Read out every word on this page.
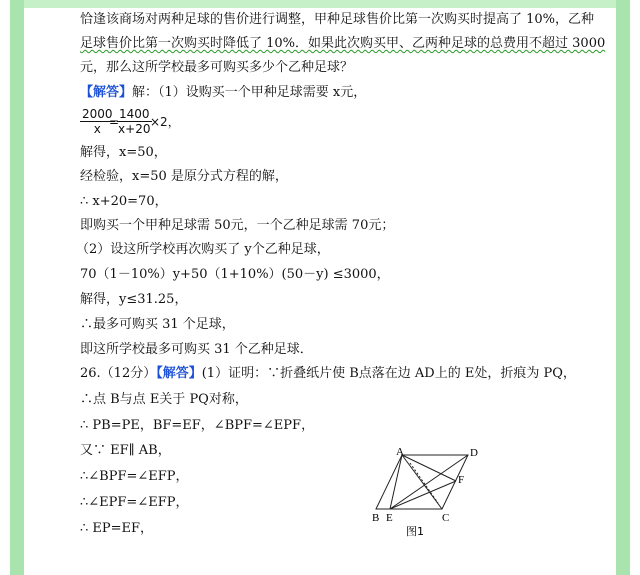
恰逢该商场对两种足球的售价进行调整，甲种足球售价比第一次购买时提高了 10%，乙种
足球售价比第一次购买时降低了 10%．如果此次购买甲、乙两种足球的总费用不超过 3000
元，那么这所学校最多可购买多少个乙种足球？
【解答】解：（1）设购买一个甲种足球需要 x元，
$\frac{2000}{x}$
=
$\frac{1400}{x+20}$
×2，
解得，x=50，
经检验，x=50 是原分式方程的解，
∴ x+20=70，
即购买一个甲种足球需 50元，一个乙种足球需 70元；
（2）设这所学校再次购买了 y个乙种足球，
70（1－10%）y+50（1+10%）(50－y) ≤3000，
解得，y≤31.25，
∴最多可购买 31 个足球，
即这所学校最多可购买 31 个乙种足球．
26.（12分）【解答】(1）证明：∵折叠纸片使 B点落在边 AD上的 E处，折痕为 PQ，
∴点 B与点 E关于 PQ对称，
∴ PB=PE，BF=EF，∠BPF=∠EPF，
又∵ EF∥ AB，
∴∠BPF=∠EFP，
∴∠EPF=∠EFP，
∴ EP=EF，
A	D
F
B E	C
图1
